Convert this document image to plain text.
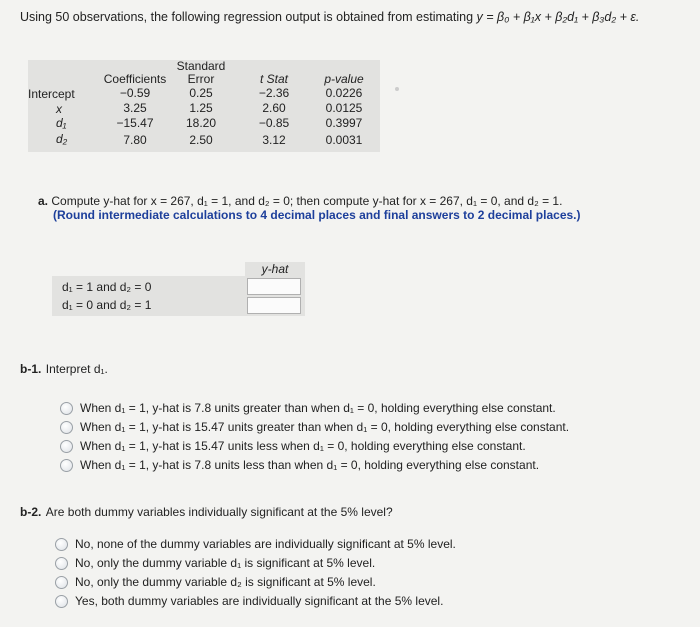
Using 50 observations, the following regression output is obtained from estimating y = β₀ + β₁x + β₂d₁ + β₃d₂ + ε.
Coefficients
Standard
Error	t Stat	p-value
Intercept	−0.59	0.25	−2.36	0.0226
x	3.25	1.25	2.60	0.0125
d₁	−15.47	18.20	−0.85	0.3997
d₂	7.80	2.50	3.12	0.0031
a. Compute y-hat for x = 267, d₁ = 1, and d₂ = 0; then compute y-hat for x = 267, d₁ = 0, and d₂ = 1.
(Round intermediate calculations to 4 decimal places and final answers to 2 decimal places.)
y-hat
d₁ = 1 and d₂ = 0
d₁ = 0 and d₂ = 1
b-1. Interpret d₁.
When d₁ = 1, y-hat is 7.8 units greater than when d₁ = 0, holding everything else constant.
When d₁ = 1, y-hat is 15.47 units greater than when d₁ = 0, holding everything else constant.
When d₁ = 1, y-hat is 15.47 units less when d₁ = 0, holding everything else constant.
When d₁ = 1, y-hat is 7.8 units less than when d₁ = 0, holding everything else constant.
b-2. Are both dummy variables individually significant at the 5% level?
No, none of the dummy variables are individually significant at 5% level.
No, only the dummy variable d₁ is significant at 5% level.
No, only the dummy variable d₂ is significant at 5% level.
Yes, both dummy variables are individually significant at the 5% level.
